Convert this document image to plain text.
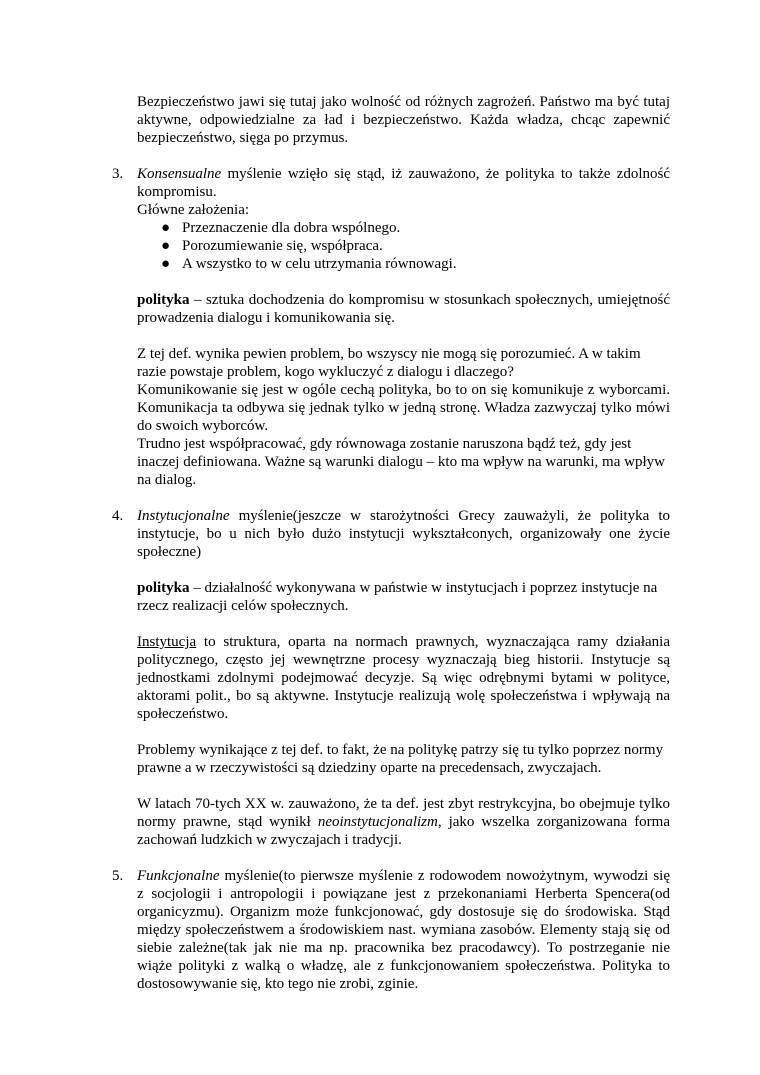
Bezpieczeństwo jawi się tutaj jako wolność od różnych zagrożeń. Państwo ma być tutaj aktywne, odpowiedzialne za ład i bezpieczeństwo. Każda władza, chcąc zapewnić bezpieczeństwo, sięga po przymus.

3. Konsensualne myślenie wzięło się stąd, iż zauważono, że polityka to także zdolność kompromisu.

Główne założenia:

● Przeznaczenie dla dobra wspólnego.
● Porozumiewanie się, współpraca.
● A wszystko to w celu utrzymania równowagi.

polityka – sztuka dochodzenia do kompromisu w stosunkach społecznych, umiejętność prowadzenia dialogu i komunikowania się.

Z tej def. wynika pewien problem, bo wszyscy nie mogą się porozumieć. A w takim razie powstaje problem, kogo wykluczyć z dialogu i dlaczego?

Komunikowanie się jest w ogóle cechą polityka, bo to on się komunikuje z wyborcami. Komunikacja ta odbywa się jednak tylko w jedną stronę. Władza zazwyczaj tylko mówi do swoich wyborców.

Trudno jest współpracować, gdy równowaga zostanie naruszona bądź też, gdy jest inaczej definiowana. Ważne są warunki dialogu – kto ma wpływ na warunki, ma wpływ na dialog.

4. Instytucjonalne myślenie(jeszcze w starożytności Grecy zauważyli, że polityka to instytucje, bo u nich było dużo instytucji wykształconych, organizowały one życie społeczne)

polityka – działalność wykonywana w państwie w instytucjach i poprzez instytucje na rzecz realizacji celów społecznych.

Instytucja to struktura, oparta na normach prawnych, wyznaczająca ramy działania politycznego, często jej wewnętrzne procesy wyznaczają bieg historii. Instytucje są jednostkami zdolnymi podejmować decyzje. Są więc odrębnymi bytami w polityce, aktorami polit., bo są aktywne. Instytucje realizują wolę społeczeństwa i wpływają na społeczeństwo.

Problemy wynikające z tej def. to fakt, że na politykę patrzy się tu tylko poprzez normy prawne a w rzeczywistości są dziedziny oparte na precedensach, zwyczajach.

W latach 70-tych XX w. zauważono, że ta def. jest zbyt restrykcyjna, bo obejmuje tylko normy prawne, stąd wynikł neoinstytucjonalizm, jako wszelka zorganizowana forma zachowań ludzkich w zwyczajach i tradycji.

5. Funkcjonalne myślenie(to pierwsze myślenie z rodowodem nowożytnym, wywodzi się z socjologii i antropologii i powiązane jest z przekonaniami Herberta Spencera(od organicyzmu). Organizm może funkcjonować, gdy dostosuje się do środowiska. Stąd między społeczeństwem a środowiskiem nast. wymiana zasobów. Elementy stają się od siebie zależne(tak jak nie ma np. pracownika bez pracodawcy). To postrzeganie nie wiąże polityki z walką o władzę, ale z funkcjonowaniem społeczeństwa. Polityka to dostosowywanie się, kto tego nie zrobi, zginie.
